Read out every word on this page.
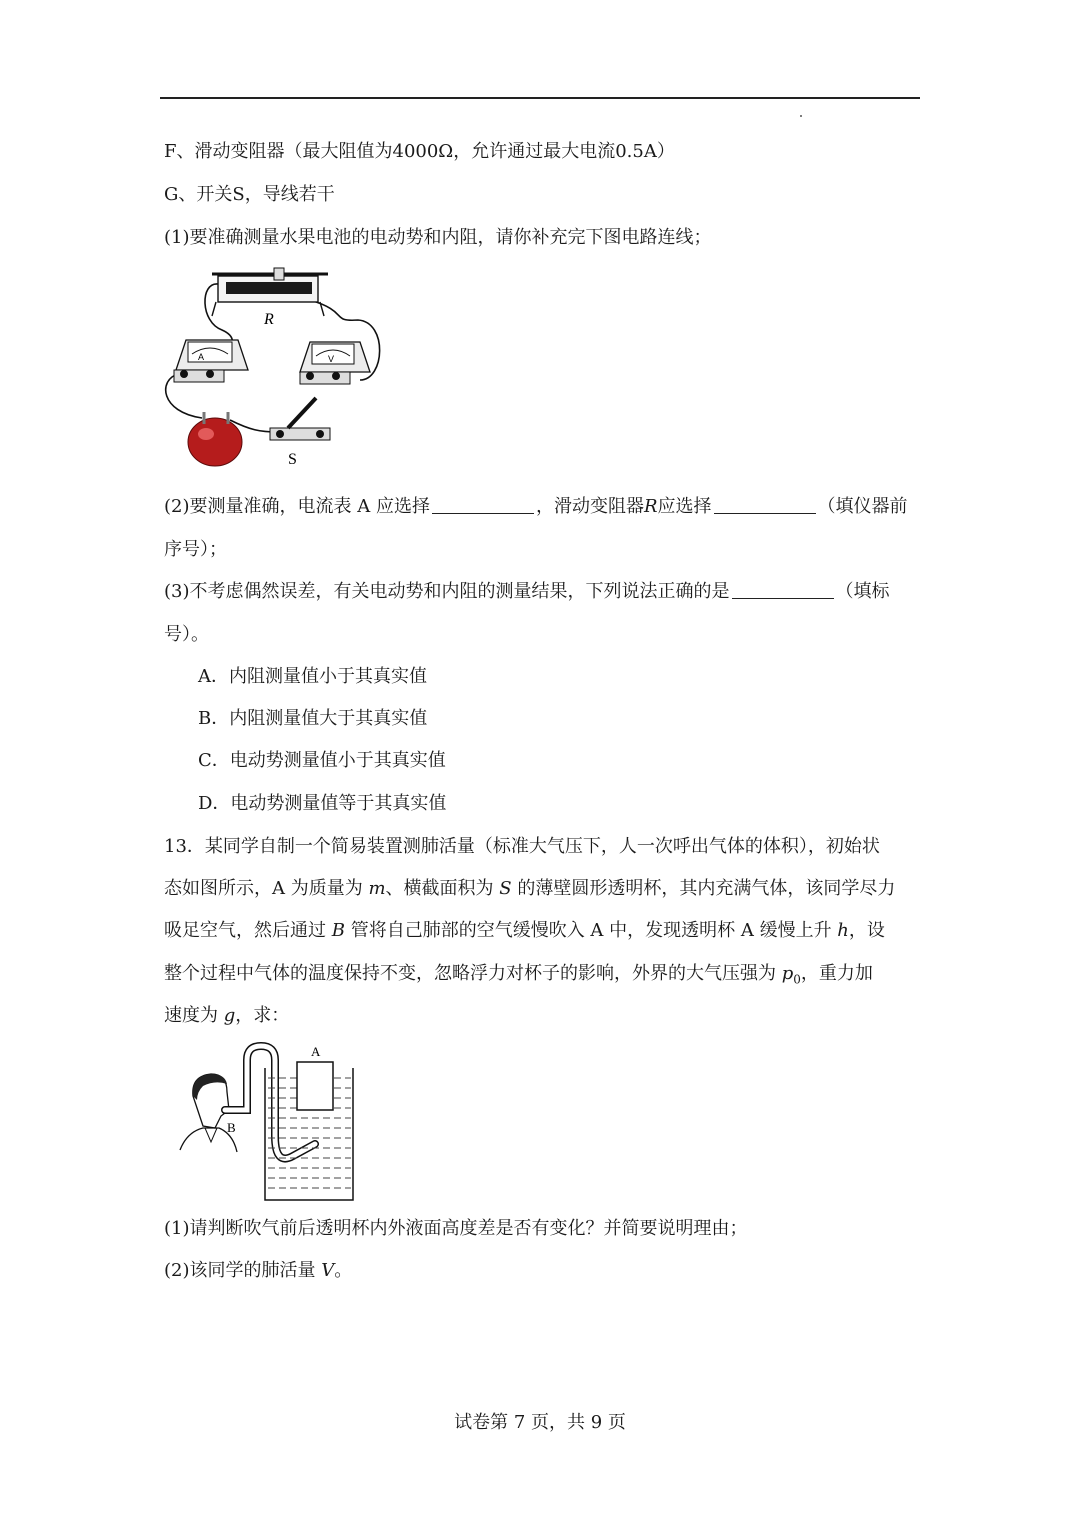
F、滑动变阻器（最大阻值为4000Ω，允许通过最大电流0.5A）
G、开关S，导线若干
(1)要准确测量水果电池的电动势和内阻，请你补充完下图电路连线；
R
A	V
S
(2)要测量准确，电流表 A 应选择	，滑动变阻器R应选择	（填仪器前
序号）；
(3)不考虑偶然误差，有关电动势和内阻的测量结果，下列说法正确的是	（填标
号）。
A．内阻测量值小于其真实值
B．内阻测量值大于其真实值
C．电动势测量值小于其真实值
D．电动势测量值等于其真实值
13．某同学自制一个简易装置测肺活量（标准大气压下，人一次呼出气体的体积），初始状
态如图所示，A 为质量为 m、横截面积为 S 的薄壁圆形透明杯，其内充满气体，该同学尽力
吸足空气，然后通过 B 管将自己肺部的空气缓慢吹入 A 中，发现透明杯 A 缓慢上升 h，设
整个过程中气体的温度保持不变，忽略浮力对杯子的影响，外界的大气压强为 $p_0$，重力加
速度为 g，求：
B
A
(1)请判断吹气前后透明杯内外液面高度差是否有变化？并简要说明理由；
(2)该同学的肺活量 V。
试卷第 7 页，共 9 页
